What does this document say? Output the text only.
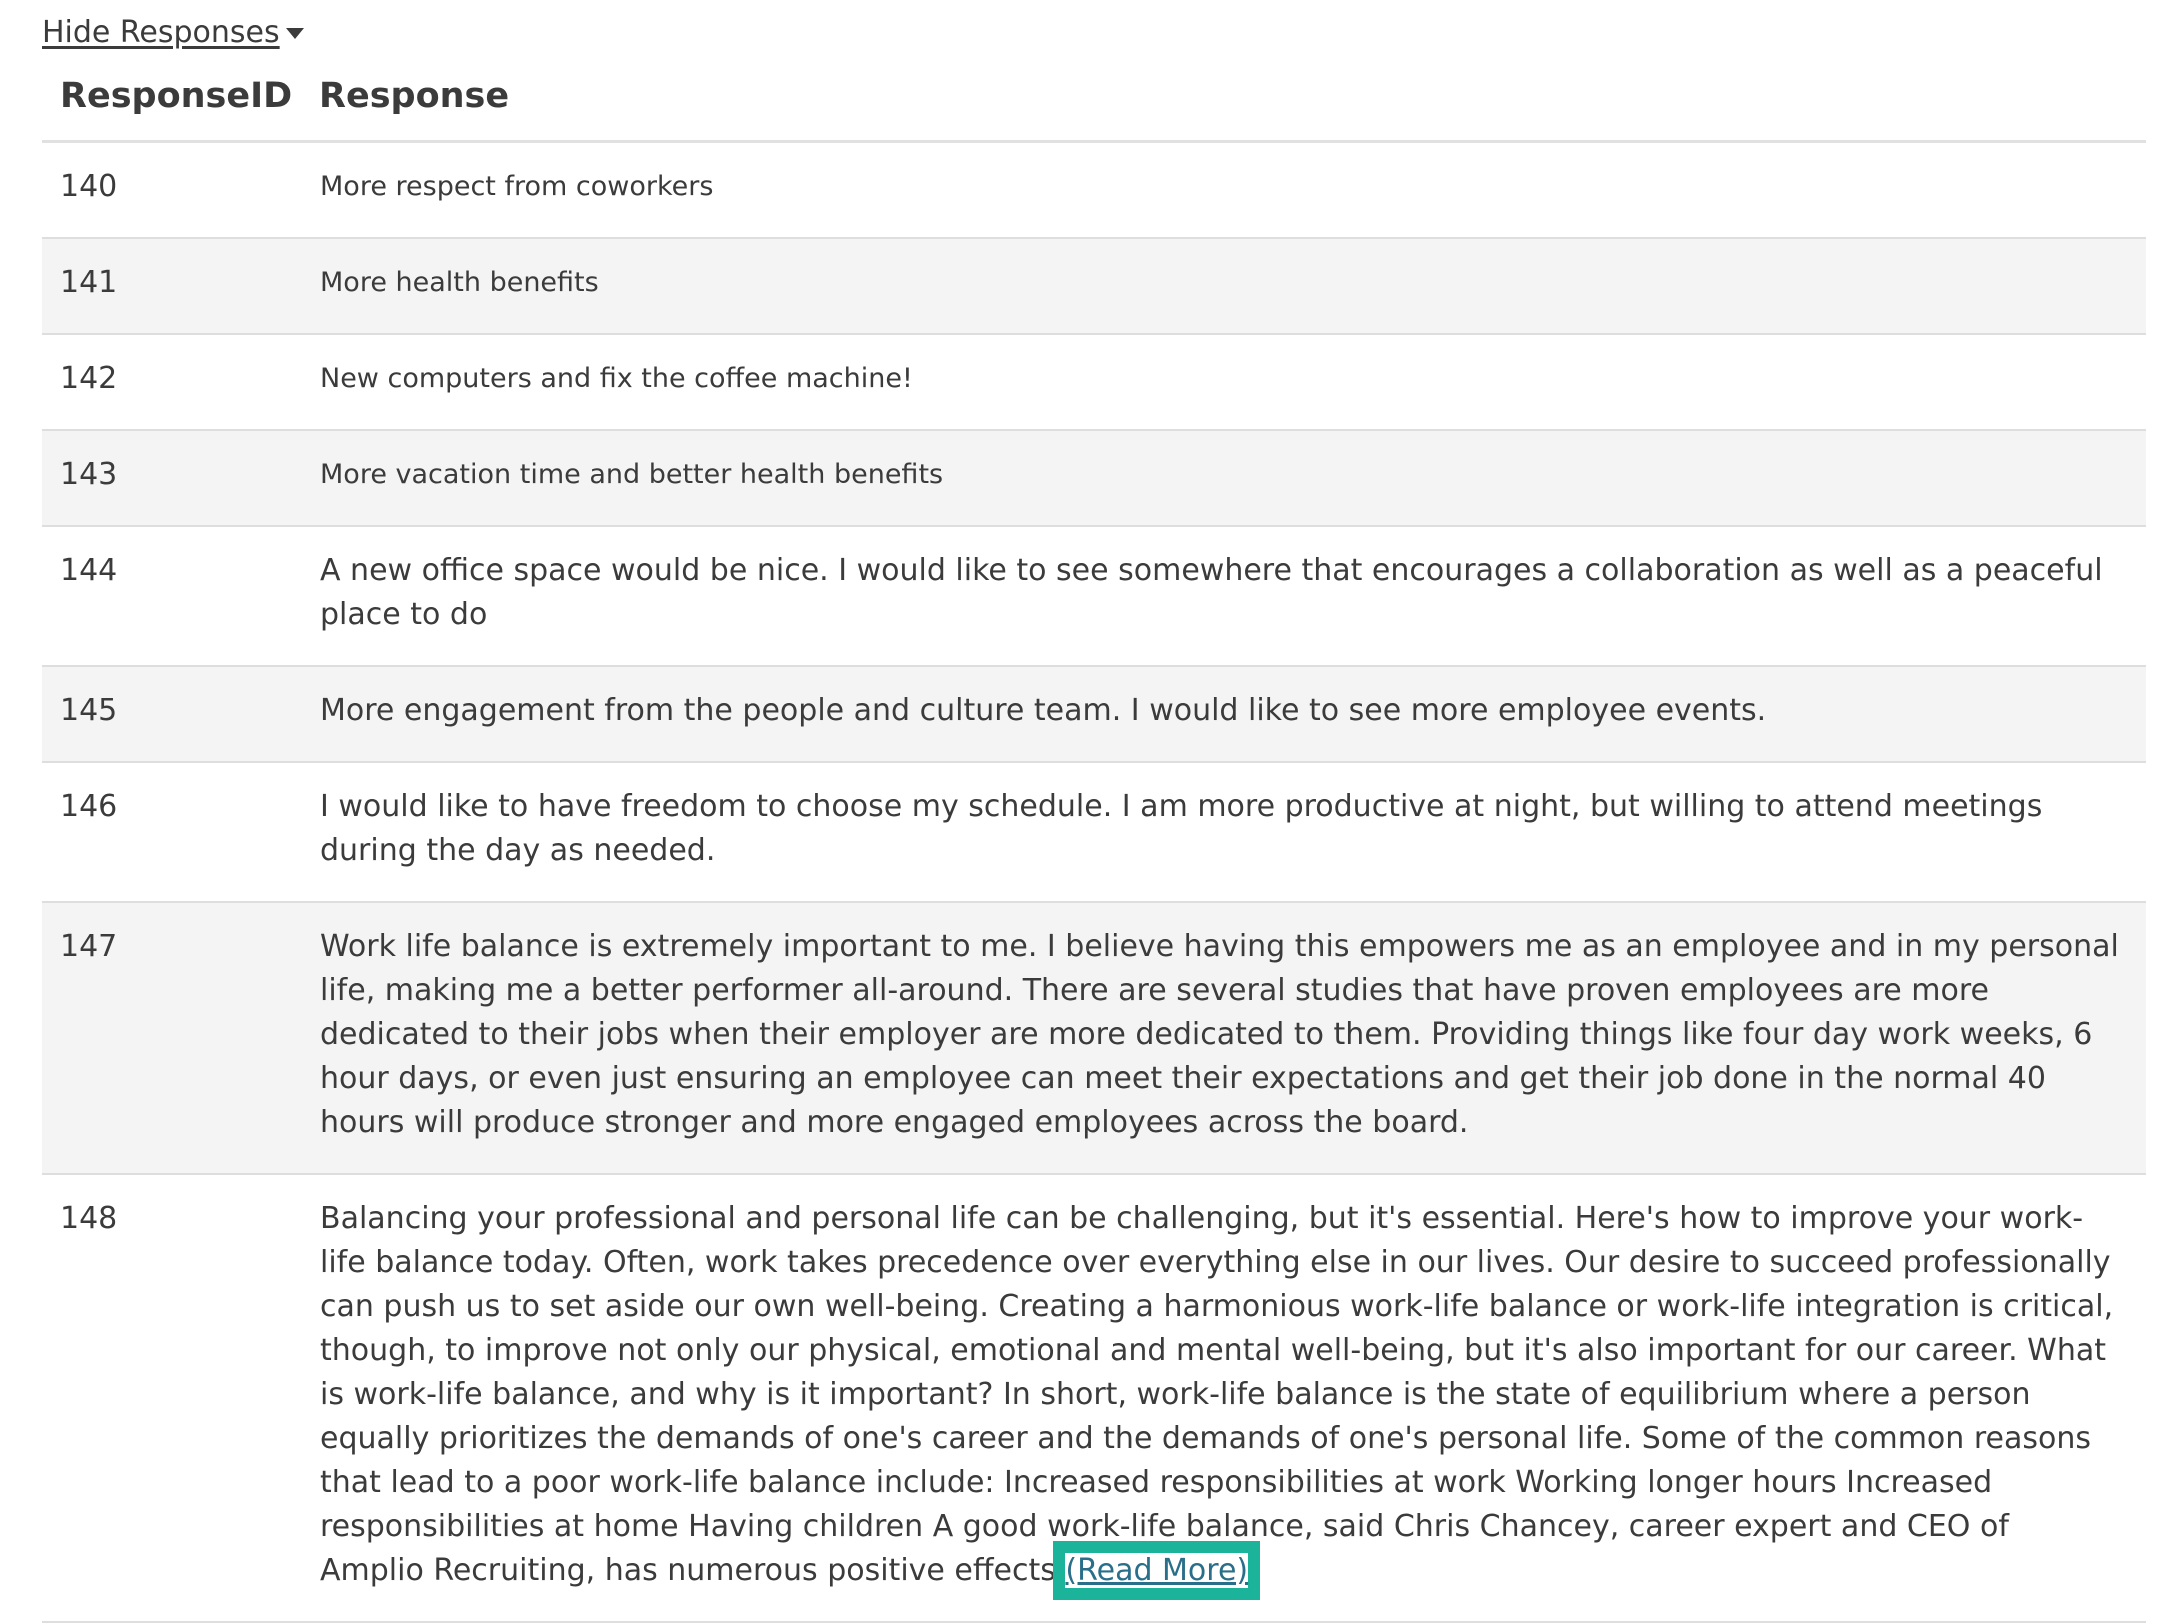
Hide Responses
ResponseID	Response
140	More respect from coworkers
141	More health benefits
142	New computers and fix the coffee machine!
143	More vacation time and better health benefits
144	A new office space would be nice. I would like to see somewhere that encourages a collaboration as well as a peaceful place to do

145	More engagement from the people and culture team. I would like to see more employee events.
146	I would like to have freedom to choose my schedule. I am more productive at night, but willing to attend meetings during the day as needed.
147	Work life balance is extremely important to me. I believe having this empowers me as an employee and in my personal life, making me a better performer all-around. There are several studies that have proven employees are more dedicated to their jobs when their employer are more dedicated to them. Providing things like four day work weeks, 6 hour days, or even just ensuring an employee can meet their expectations and get their job done in the normal 40 hours will produce stronger and more engaged employees across the board.
148	Balancing your professional and personal life can be challenging, but it's essential. Here's how to improve your work-life balance today. Often, work takes precedence over everything else in our lives. Our desire to succeed professionally can push us to set aside our own well-being. Creating a harmonious work-life balance or work-life integration is critical, though, to improve not only our physical, emotional and mental well-being, but it's also important for our career. What is work-life balance, and why is it important? In short, work-life balance is the state of equilibrium where a person equally prioritizes the demands of one's career and the demands of one's personal life. Some of the common reasons that lead to a poor work-life balance include: Increased responsibilities at work Working longer hours Increased responsibilities at home Having children A good work-life balance, said Chris Chancey, career expert and CEO of Amplio Recruiting, has numerous positive effects (Read More)
